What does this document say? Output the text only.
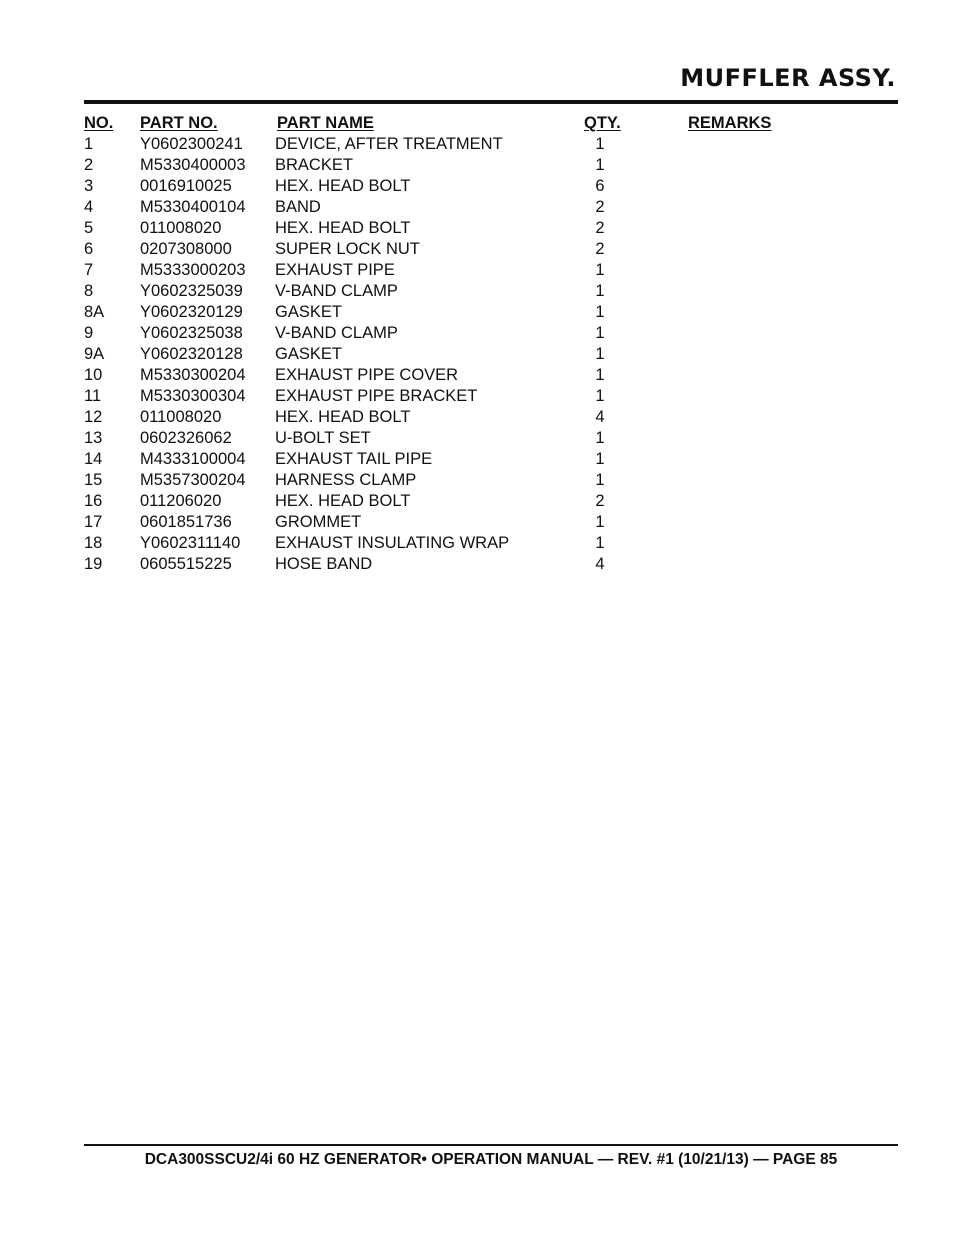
MUFFLER ASSY.
NO. PART NO.	PART NAME	QTY.	REMARKS
1	Y0602300241 DEVICE, AFTER TREATMENT	1
2	M5330400003 BRACKET	1
3	0016910025	HEX. HEAD BOLT	6
4	M5330400104 BAND	2
5	011008020	HEX. HEAD BOLT	2
6	0207308000	SUPER LOCK NUT	2
7	M5333000203 EXHAUST PIPE	1
8	Y0602325039 V-BAND CLAMP	1
8A Y0602320129 GASKET	1
9	Y0602325038 V-BAND CLAMP	1
9A Y0602320128 GASKET	1
10 M5330300204 EXHAUST PIPE COVER	1
11 M5330300304 EXHAUST PIPE BRACKET	1
12 011008020	HEX. HEAD BOLT	4
13 0602326062	U-BOLT SET	1
14 M4333100004 EXHAUST TAIL PIPE	1
15 M5357300204 HARNESS CLAMP	1
16 011206020	HEX. HEAD BOLT	2
17 0601851736	GROMMET	1
18 Y0602311140 EXHAUST INSULATING WRAP	1
19 0605515225	HOSE BAND	4
DCA300SSCU2/4i 60 HZ GENERATOR• OPERATION MANUAL — REV. #1 (10/21/13) — PAGE 85
